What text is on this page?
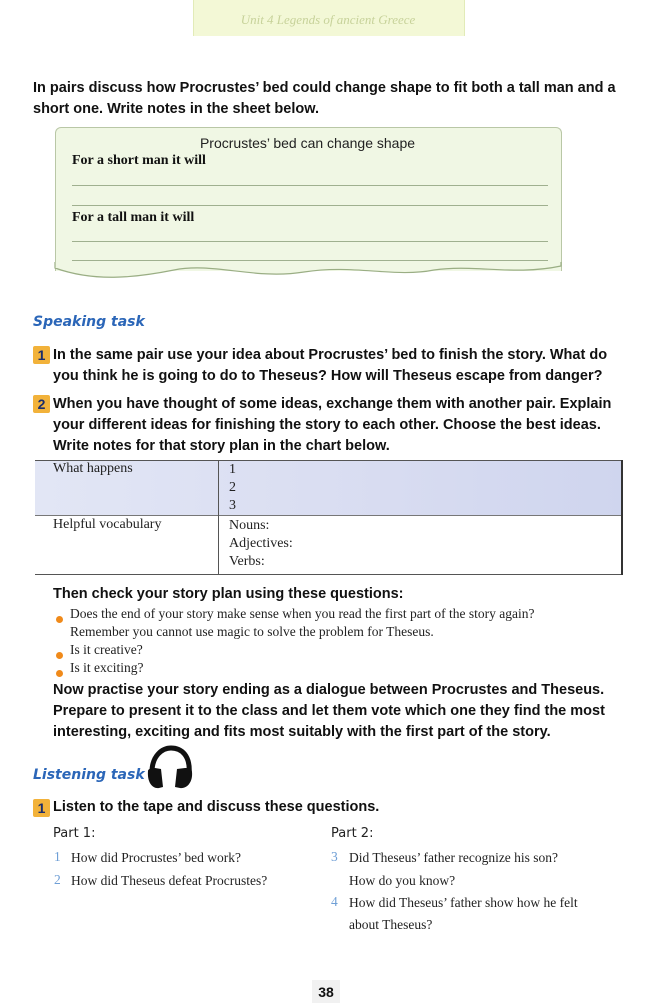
Unit 4 Legends of ancient Greece
In pairs discuss how Procrustes’ bed could change shape to fit both a tall man and a
short one. Write notes in the sheet below.
Procrustes’ bed can change shape
For a short man it will
For a tall man it will
Speaking task
1 In the same pair use your idea about Procrustes’ bed to finish the story. What do
you think he is going to do to Theseus? How will Theseus escape from danger?
2 When you have thought of some ideas, exchange them with another pair. Explain
your different ideas for finishing the story to each other. Choose the best ideas.
Write notes for that story plan in the chart below.
What happens	1
2
3
Helpful vocabulary	Nouns:
Adjectives:
Verbs:
Then check your story plan using these questions:
Does the end of your story make sense when you read the first part of the story again?
Remember you cannot use magic to solve the problem for Theseus.
Is it creative?
Is it exciting?
Now practise your story ending as a dialogue between Procrustes and Theseus.
Prepare to present it to the class and let them vote which one they find the most
interesting, exciting and fits most suitably with the first part of the story.
Listening task
1 Listen to the tape and discuss these questions.
Part 1:	Part 2:
1 How did Procrustes’ bed work?
2 How did Theseus defeat Procrustes?
3 Did Theseus’ father recognize his son?
How do you know?
4 How did Theseus’ father show how he felt
about Theseus?
38
